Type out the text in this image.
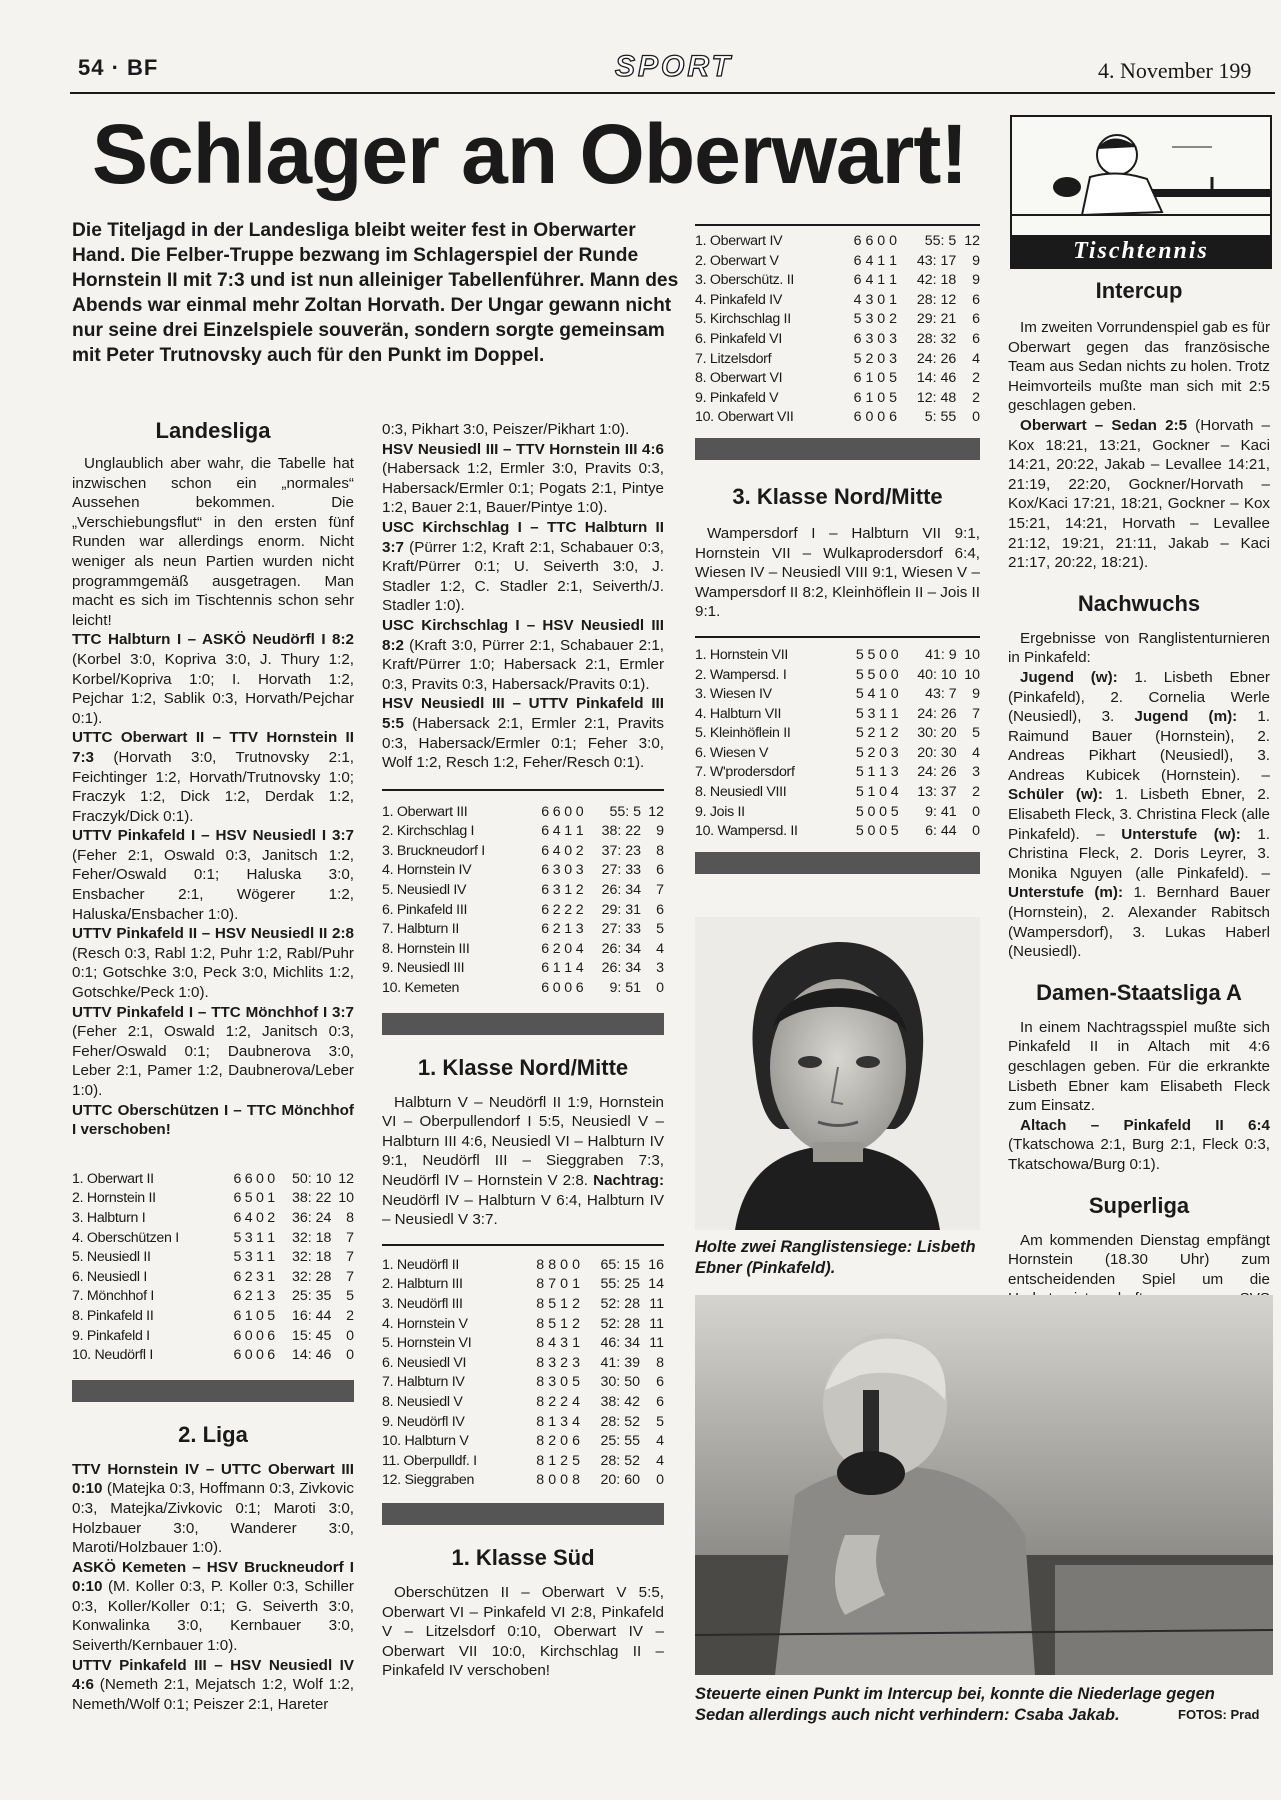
54 · BF	SPORT	4. November 199
Schlager an Oberwart!

Die Titeljagd in der Landesliga bleibt weiter fest in Oberwarter Hand. Die Felber-Truppe bezwang im Schlagerspiel der Runde Hornstein II mit 7:3 und ist nun alleiniger Tabellenführer. Mann des Abends war einmal mehr Zoltan Horvath. Der Ungar gewann nicht nur seine drei Einzelspiele souverän, sondern sorgte gemeinsam mit Peter Trutnovsky auch für den Punkt im Doppel.

Landesliga

Unglaublich aber wahr, die Tabelle hat inzwischen schon ein „normales“ Aussehen bekommen. Die „Verschiebungsflut“ in den ersten fünf Runden war allerdings enorm. Nicht weniger als neun Partien wurden nicht programmgemäß ausgetragen. Man macht es sich im Tischtennis schon sehr leicht!

TTC Halbturn I – ASKÖ Neudörfl I 8:2 (Korbel 3:0, Kopriva 3:0, J. Thury 1:2, Korbel/Kopriva 1:0; I. Horvath 1:2, Pejchar 1:2, Sablik 0:3, Horvath/Pejchar 0:1).

UTTC Oberwart II – TTV Hornstein II 7:3 (Horvath 3:0, Trutnovsky 2:1, Feichtinger 1:2, Horvath/Trutnovsky 1:0; Fraczyk 1:2, Dick 1:2, Derdak 1:2, Fraczyk/Dick 0:1).

UTTV Pinkafeld I – HSV Neusiedl I 3:7 (Feher 2:1, Oswald 0:3, Janitsch 1:2, Feher/Oswald 0:1; Haluska 3:0, Ensbacher 2:1, Wögerer 1:2, Haluska/Ensbacher 1:0).

UTTV Pinkafeld II – HSV Neusiedl II 2:8 (Resch 0:3, Rabl 1:2, Puhr 1:2, Rabl/Puhr 0:1; Gotschke 3:0, Peck 3:0, Michlits 1:2, Gotschke/Peck 1:0).

UTTV Pinkafeld I – TTC Mönchhof I 3:7 (Feher 2:1, Oswald 1:2, Janitsch 0:3, Feher/Oswald 0:1; Daubnerova 3:0, Leber 2:1, Pamer 1:2, Daubnerova/Leber 1:0).

UTTC Oberschützen I – TTC Mönchhof I verschoben!

1. Oberwart II	6	6	0	0	50: 10	12
2. Hornstein II	6	5	0	1	38: 22	10
3. Halbturn I	6	4	0	2	36: 24	8
4. Oberschützen I	5	3	1	1	32: 18	7
5. Neusiedl II	5	3	1	1	32: 18	7
6. Neusiedl I	6	2	3	1	32: 28	7
7. Mönchhof I	6	2	1	3	25: 35	5
8. Pinkafeld II	6	1	0	5	16: 44	2
9. Pinkafeld I	6	0	0	6	15: 45	0
10. Neudörfl I	6	0	0	6	14: 46	0
2. Liga

TTV Hornstein IV – UTTC Oberwart III 0:10 (Matejka 0:3, Hoffmann 0:3, Zivkovic 0:3, Matejka/Zivkovic 0:1; Maroti 3:0, Holzbauer 3:0, Wanderer 3:0, Maroti/Holzbauer 1:0).

ASKÖ Kemeten – HSV Bruckneudorf I 0:10 (M. Koller 0:3, P. Koller 0:3, Schiller 0:3, Koller/Koller 0:1; G. Seiverth 3:0, Konwalinka 3:0, Kernbauer 3:0, Seiverth/Kernbauer 1:0).

UTTV Pinkafeld III – HSV Neusiedl IV 4:6 (Nemeth 2:1, Mejatsch 1:2, Wolf 1:2, Nemeth/Wolf 0:1; Peiszer 2:1, Hareter

0:3, Pikhart 3:0, Peiszer/Pikhart 1:0).

HSV Neusiedl III – TTV Hornstein III 4:6 (Habersack 1:2, Ermler 3:0, Pravits 0:3, Habersack/Ermler 0:1; Pogats 2:1, Pintye 1:2, Bauer 2:1, Bauer/Pintye 1:0).

USC Kirchschlag I – TTC Halbturn II 3:7 (Pürrer 1:2, Kraft 2:1, Schabauer 0:3, Kraft/Pürrer 0:1; U. Seiverth 3:0, J. Stadler 1:2, C. Stadler 2:1, Seiverth/J. Stadler 1:0).

USC Kirchschlag I – HSV Neusiedl III 8:2 (Kraft 3:0, Pürrer 2:1, Schabauer 2:1, Kraft/Pürrer 1:0; Habersack 2:1, Ermler 0:3, Pravits 0:3, Habersack/Pravits 0:1).

HSV Neusiedl III – UTTV Pinkafeld III 5:5 (Habersack 2:1, Ermler 2:1, Pravits 0:3, Habersack/Ermler 0:1; Feher 3:0, Wolf 1:2, Resch 1:2, Feher/Resch 0:1).

1. Oberwart III	6	6	0	0	55: 5	12
2. Kirchschlag I	6	4	1	1	38: 22	9
3. Bruckneudorf I	6	4	0	2	37: 23	8
4. Hornstein IV	6	3	0	3	27: 33	6
5. Neusiedl IV	6	3	1	2	26: 34	7
6. Pinkafeld III	6	2	2	2	29: 31	6
7. Halbturn II	6	2	1	3	27: 33	5
8. Hornstein III	6	2	0	4	26: 34	4
9. Neusiedl III	6	1	1	4	26: 34	3
10. Kemeten	6	0	0	6	9: 51	0
1. Klasse Nord/Mitte

Halbturn V – Neudörfl II 1:9, Hornstein VI – Oberpullendorf I 5:5, Neusiedl V – Halbturn III 4:6, Neusiedl VI – Halbturn IV 9:1, Neudörfl III – Sieggraben 7:3, Neudörfl IV – Hornstein V 2:8. Nachtrag: Neudörfl IV – Halbturn V 6:4, Halbturn IV – Neusiedl V 3:7.

1. Neudörfl II	8	8	0	0	65: 15	16
2. Halbturn III	8	7	0	1	55: 25	14
3. Neudörfl III	8	5	1	2	52: 28	11
4. Hornstein V	8	5	1	2	52: 28	11
5. Hornstein VI	8	4	3	1	46: 34	11
6. Neusiedl VI	8	3	2	3	41: 39	8
7. Halbturn IV	8	3	0	5	30: 50	6
8. Neusiedl V	8	2	2	4	38: 42	6
9. Neudörfl IV	8	1	3	4	28: 52	5
10. Halbturn V	8	2	0	6	25: 55	4
11. Oberpulldf. I	8	1	2	5	28: 52	4
12. Sieggraben	8	0	0	8	20: 60	0
1. Klasse Süd

Oberschützen II – Oberwart V 5:5, Oberwart VI – Pinkafeld VI 2:8, Pinkafeld V – Litzelsdorf 0:10, Oberwart IV – Oberwart VII 10:0, Kirchschlag II – Pinkafeld IV verschoben!

1. Oberwart IV	6	6	0	0	55: 5	12
2. Oberwart V	6	4	1	1	43: 17	9
3. Oberschütz. II	6	4	1	1	42: 18	9
4. Pinkafeld IV	4	3	0	1	28: 12	6
5. Kirchschlag II	5	3	0	2	29: 21	6
6. Pinkafeld VI	6	3	0	3	28: 32	6
7. Litzelsdorf	5	2	0	3	24: 26	4
8. Oberwart VI	6	1	0	5	14: 46	2
9. Pinkafeld V	6	1	0	5	12: 48	2
10. Oberwart VII	6	0	0	6	5: 55	0
3. Klasse Nord/Mitte

Wampersdorf I – Halbturn VII 9:1, Hornstein VII – Wulkaprodersdorf 6:4, Wiesen IV – Neusiedl VIII 9:1, Wiesen V – Wampersdorf II 8:2, Kleinhöflein II – Jois II 9:1.

1. Hornstein VII	5	5	0	0	41: 9	10
2. Wampersd. I	5	5	0	0	40: 10	10
3. Wiesen IV	5	4	1	0	43: 7	9
4. Halbturn VII	5	3	1	1	24: 26	7
5. Kleinhöflein II	5	2	1	2	30: 20	5
6. Wiesen V	5	2	0	3	20: 30	4
7. W'prodersdorf	5	1	1	3	24: 26	3
8. Neusiedl VIII	5	1	0	4	13: 37	2
9. Jois II	5	0	0	5	9: 41	0
10. Wampersd. II	5	0	0	5	6: 44	0
Holte zwei Ranglistensiege: Lisbeth Ebner (Pinkafeld).
Tischtennis
Intercup

Im zweiten Vorrundenspiel gab es für Oberwart gegen das französische Team aus Sedan nichts zu holen. Trotz Heimvorteils mußte man sich mit 2:5 geschlagen geben.

Oberwart – Sedan 2:5 (Horvath – Kox 18:21, 13:21, Gockner – Kaci 14:21, 20:22, Jakab – Levallee 14:21, 21:19, 22:20, Gockner/Horvath – Kox/Kaci 17:21, 18:21, Gockner – Kox 15:21, 14:21, Horvath – Levallee 21:12, 19:21, 21:11, Jakab – Kaci 21:17, 20:22, 18:21).

Nachwuchs

Ergebnisse von Ranglistenturnieren in Pinkafeld:

Jugend (w): 1. Lisbeth Ebner (Pinkafeld), 2. Cornelia Werle (Neusiedl), 3. Jugend (m): 1. Raimund Bauer (Hornstein), 2. Andreas Pikhart (Neusiedl), 3. Andreas Kubicek (Hornstein). – Schüler (w): 1. Lisbeth Ebner, 2. Elisabeth Fleck, 3. Christina Fleck (alle Pinkafeld). – Unterstufe (w): 1. Christina Fleck, 2. Doris Leyrer, 3. Monika Nguyen (alle Pinkafeld). – Unterstufe (m): 1. Bernhard Bauer (Hornstein), 2. Alexander Rabitsch (Wampersdorf), 3. Lukas Haberl (Neusiedl).

Damen-Staatsliga A

In einem Nachtragsspiel mußte sich Pinkafeld II in Altach mit 4:6 geschlagen geben. Für die erkrankte Lisbeth Ebner kam Elisabeth Fleck zum Einsatz.

Altach – Pinkafeld II 6:4 (Tkatschowa 2:1, Burg 2:1, Fleck 0:3, Tkatschowa/Burg 0:1).

Superliga

Am kommenden Dienstag empfängt Hornstein (18.30 Uhr) zum entscheidenden Spiel um die

Steuerte einen Punkt im Intercup bei, konnte die Niederlage gegen Sedan allerdings auch nicht verhindern: Csaba Jakab.	FOTOS: Prad
